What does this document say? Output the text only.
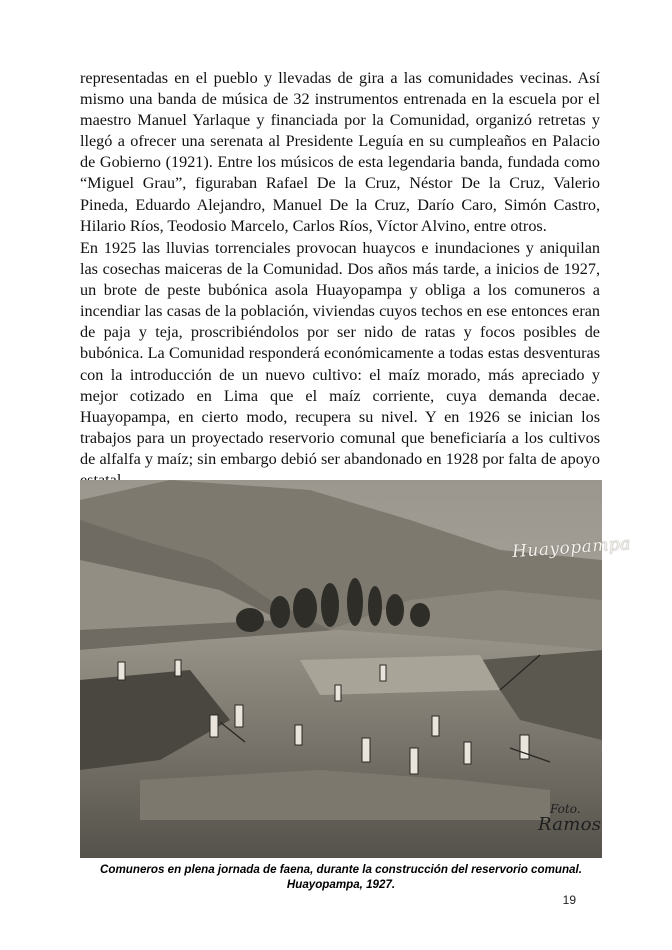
representadas en el pueblo y llevadas de gira a las comunidades vecinas. Así mismo una banda de música de 32 instrumentos entrenada en la escuela por el maestro Manuel Yarlaque y financiada por la Comunidad, organizó retretas y llegó a ofrecer una serenata al Presidente Leguía en su cumpleaños en Palacio de Gobierno (1921). Entre los músicos de esta legendaria banda, fundada como “Miguel Grau”, figuraban Rafael De la Cruz, Néstor De la Cruz, Valerio Pineda, Eduardo Alejandro, Manuel De la Cruz, Darío Caro, Simón Castro, Hilario Ríos, Teodosio Marcelo, Carlos Ríos, Víctor Alvino, entre otros.

En 1925 las lluvias torrenciales provocan huaycos e inundaciones y aniquilan las cosechas maiceras de la Comunidad. Dos años más tarde, a inicios de 1927, un brote de peste bubónica asola Huayopampa y obliga a los comuneros a incendiar las casas de la población, viviendas cuyos techos en ese entonces eran de paja y teja, proscribiéndolos por ser nido de ratas y focos posibles de bubónica. La Comunidad responderá económicamente a todas estas desventuras con la introducción de un nuevo cultivo: el maíz morado, más apreciado y mejor cotizado en Lima que el maíz corriente, cuya demanda decae. Huayopampa, en cierto modo, recupera su nivel. Y en 1926 se inician los trabajos para un proyectado reservorio comunal que beneficiaría a los cultivos de alfalfa y maíz; sin embargo debió ser abandonado en 1928 por falta de apoyo

Huayopampa
Foto.
Ramos
Comuneros en plena jornada de faena, durante la construcción del reservorio comunal.
Huayopampa, 1927.
19
